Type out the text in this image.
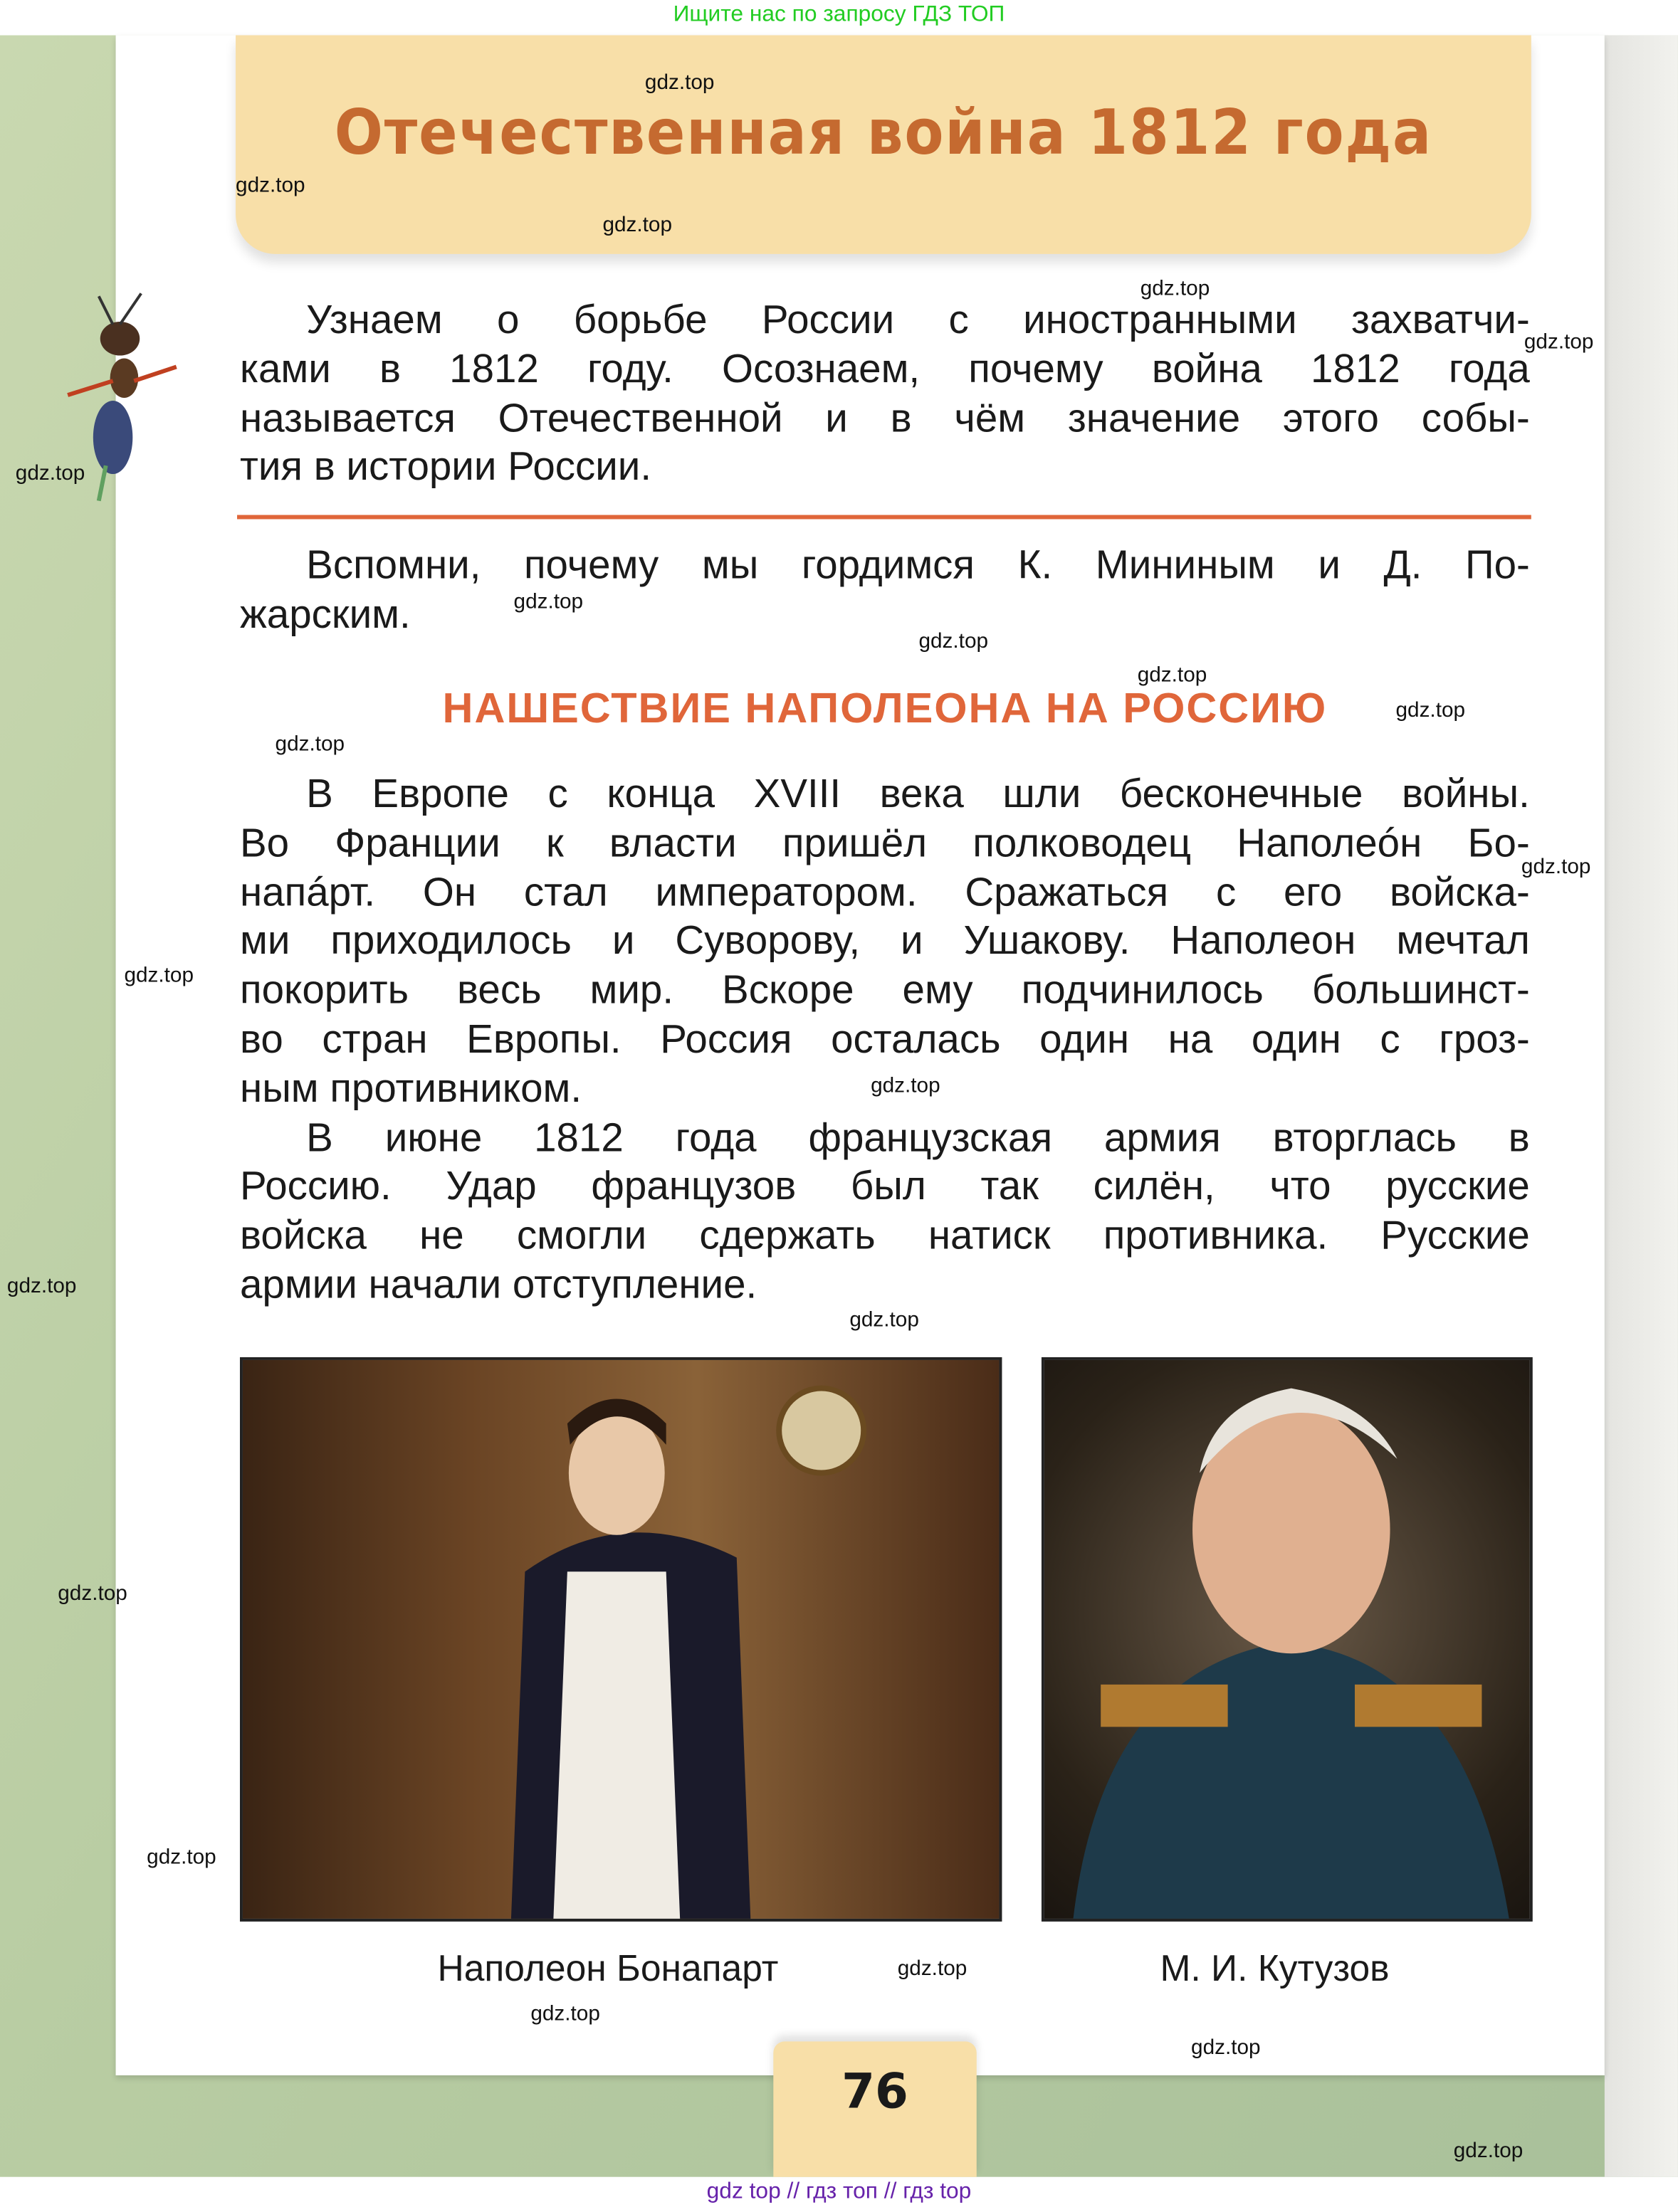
Ищите нас по запросу ГДЗ ТОП
Отечественная война 1812 года
Узнаем о борьбе России с иностранными захватчи-
ками в 1812 году. Осознаем, почему война 1812 года
называется Отечественной и в чём значение этого собы-
тия в истории России.
Вспомни, почему мы гордимся К. Мининым и Д. По-
жарским.
НАШЕСТВИЕ НАПОЛЕОНА НА РОССИЮ
В Европе с конца XVIII века шли бесконечные войны.
Во Франции к власти пришёл полководец Наполеóн Бо-
напáрт. Он стал императором. Сражаться с его войска-
ми приходилось и Суворову, и Ушакову. Наполеон мечтал
покорить весь мир. Вскоре ему подчинилось большинст-
во стран Европы. Россия осталась один на один с гроз-
ным противником.
В июне 1812 года французская армия вторглась в
Россию. Удар французов был так силён, что русские
войска не смогли сдержать натиск противника. Русские
армии начали отступление.
Наполеон Бонапарт	М. И. Кутузов
76
gdz top // гдз топ // гдз top
gdz.top
gdz.top
gdz.top
gdz.top
gdz.top
gdz.top
gdz.top
gdz.top
gdz.top
gdz.top
gdz.top
gdz.top
gdz.top
gdz.top
gdz.top
gdz.top
gdz.top
gdz.top
gdz.top
gdz.top
gdz.top
gdz.top
